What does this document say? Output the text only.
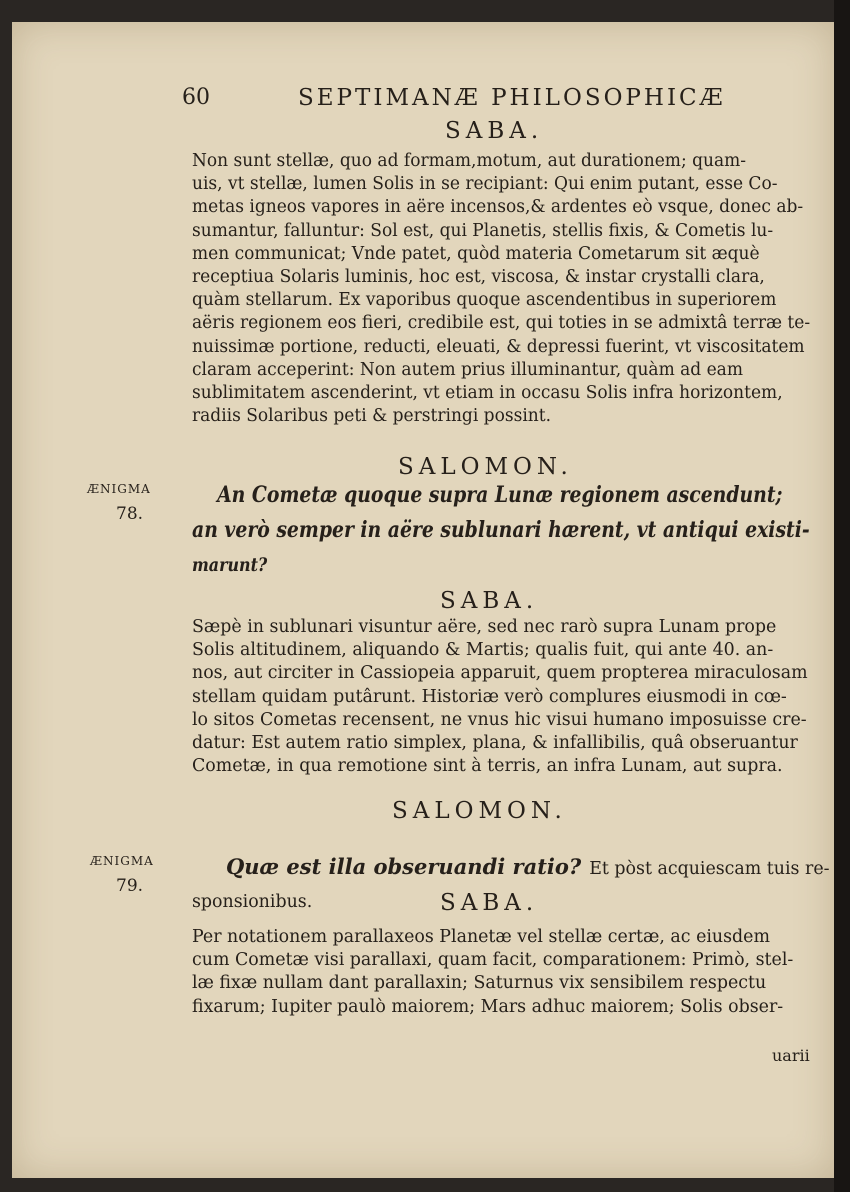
60	SEPTIMANÆ PHILOSOPHICÆ
SABA.
Non sunt stellæ, quo ad formam,motum, aut durationem; quam-
uis, vt stellæ, lumen Solis in se recipiant: Qui enim putant, esse Co-
metas igneos vapores in aëre incensos,& ardentes eò vsque, donec ab-
sumantur, falluntur: Sol est, qui Planetis, stellis fixis, & Cometis lu-
men communicat; Vnde patet, quòd materia Cometarum sit æquè
receptiua Solaris luminis, hoc est, viscosa, & instar crystalli clara,
quàm stellarum. Ex vaporibus quoque ascendentibus in superiorem
aëris regionem eos fieri, credibile est, qui toties in se admixtâ terræ te-
nuissimæ portione, reducti, eleuati, & depressi fuerint, vt viscositatem
claram acceperint: Non autem prius illuminantur, quàm ad eam
sublimitatem ascenderint, vt etiam in occasu Solis infra horizontem,
radiis Solaribus peti & perstringi possint.
SALOMON.
ÆNIGMA
78.
An Cometæ quoque supra Lunæ regionem ascendunt;
an verò semper in aëre sublunari hærent, vt antiqui existi-
marunt?
SABA.
Sæpè in sublunari visuntur aëre, sed nec rarò supra Lunam prope
Solis altitudinem, aliquando & Martis; qualis fuit, qui ante 40. an-
nos, aut circiter in Cassiopeia apparuit, quem propterea miraculosam
stellam quidam putârunt. Historiæ verò complures eiusmodi in cœ-
lo sitos Cometas recensent, ne vnus hic visui humano imposuisse cre-
datur: Est autem ratio simplex, plana, & infallibilis, quâ obseruantur
Cometæ, in qua remotione sint à terris, an infra Lunam, aut supra.
SALOMON.
ÆNIGMA
79.
Quæ est illa obseruandi ratio? Et pòst acquiescam tuis re-
sponsionibus.	SABA.
Per notationem parallaxeos Planetæ vel stellæ certæ, ac eiusdem
cum Cometæ visi parallaxi, quam facit, comparationem: Primò, stel-
læ fixæ nullam dant parallaxin; Saturnus vix sensibilem respectu
fixarum; Iupiter paulò maiorem; Mars adhuc maiorem; Solis obser-
uarii
